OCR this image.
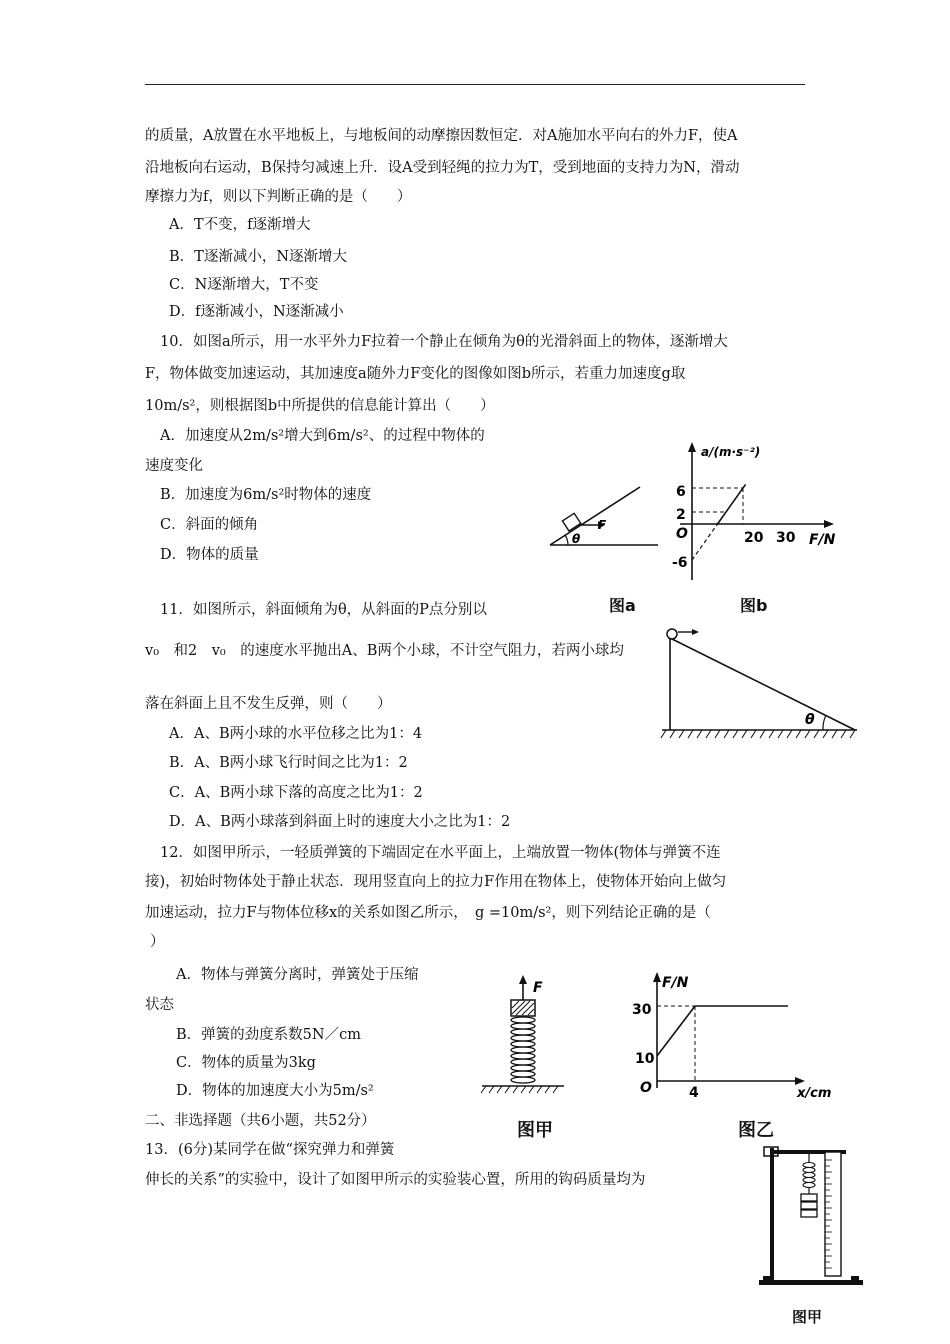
的质量，A放置在水平地板上，与地板间的动摩擦因数恒定．对A施加水平向右的外力F，使A
沿地板向右运动，B保持匀减速上升．设A受到轻绳的拉力为T，受到地面的支持力为N，滑动
摩擦力为f，则以下判断正确的是（　　）
A．T不变，f逐渐增大
B．T逐渐减小，N逐渐增大
C．N逐渐增大，T不变
D．f逐渐减小，N逐渐减小
10．如图a所示，用一水平外力F拉着一个静止在倾角为θ的光滑斜面上的物体，逐渐增大
F，物体做变加速运动，其加速度a随外力F变化的图像如图b所示，若重力加速度g取
10m/s²，则根据图b中所提供的信息能计算出（　　）
A．加速度从2m/s²增大到6m/s²、的过程中物体的
速度变化
B．加速度为6m/s²时物体的速度
C．斜面的倾角
D．物体的质量
F
θ
图a
a/(m·s⁻²)
F/N
O
6
2
-6
20 30
图b
11．如图所示，斜面倾角为θ，从斜面的P点分别以
v₀　和2　v₀　的速度水平抛出A、B两个小球，不计空气阻力，若两小球均
落在斜面上且不发生反弹，则（　　）
A．A、B两小球的水平位移之比为1：4
B．A、B两小球飞行时间之比为1：2
C．A、B两小球下落的高度之比为1：2
D．A、B两小球落到斜面上时的速度大小之比为1：2
θ
12．如图甲所示，一轻质弹簧的下端固定在水平面上，上端放置一物体(物体与弹簧不连
接)，初始时物体处于静止状态．现用竖直向上的拉力F作用在物体上，使物体开始向上做匀
加速运动，拉力F与物体位移x的关系如图乙所示，　g =10m/s²，则下列结论正确的是（
）
A．物体与弹簧分离时，弹簧处于压缩
状态
B．弹簧的劲度系数5N／cm
C．物体的质量为3kg
D．物体的加速度大小为5m/s²
F
图甲
F/N
x/cm
O
30
10
4
图乙
二、非选择题（共6小题，共52分）
13．(6分)某同学在做“探究弹力和弹簧
伸长的关系”的实验中，设计了如图甲所示的实验装心置，所用的钩码质量均为
图甲
